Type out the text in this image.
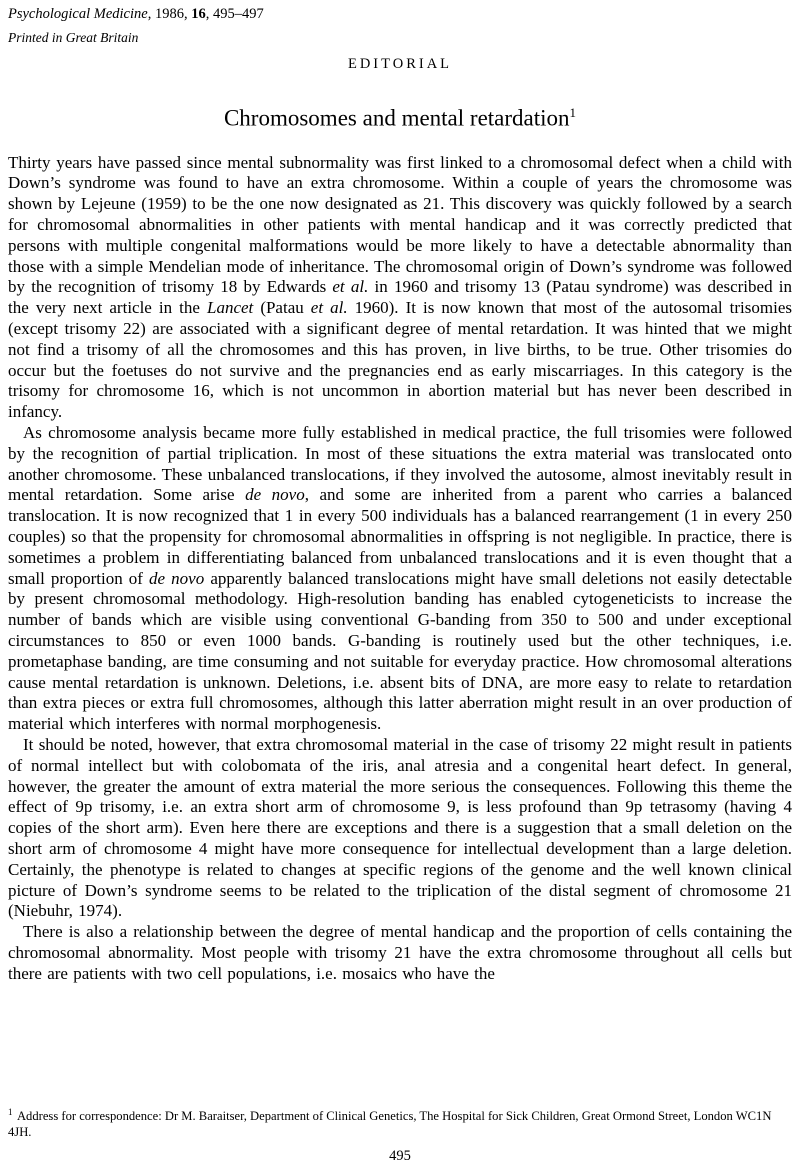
Psychological Medicine, 1986, 16, 495–497

Printed in Great Britain

EDITORIAL

Chromosomes and mental retardation$^1$

Thirty years have passed since mental subnormality was first linked to a chromosomal defect when a child with Down’s syndrome was found to have an extra chromosome. Within a couple of years the chromosome was shown by Lejeune (1959) to be the one now designated as 21. This discovery was quickly followed by a search for chromosomal abnormalities in other patients with mental handicap and it was correctly predicted that persons with multiple congenital malformations would be more likely to have a detectable abnormality than those with a simple Mendelian mode of inheritance. The chromosomal origin of Down’s syndrome was followed by the recognition of trisomy 18 by Edwards et al. in 1960 and trisomy 13 (Patau syndrome) was described in the very next article in the Lancet (Patau et al. 1960). It is now known that most of the autosomal trisomies (except trisomy 22) are associated with a significant degree of mental retardation. It was hinted that we might not find a trisomy of all the chromosomes and this has proven, in live births, to be true. Other trisomies do occur but the foetuses do not survive and the pregnancies end as early miscarriages. In this category is the trisomy for chromosome 16, which is not uncommon in abortion material but has never been described in infancy.

As chromosome analysis became more fully established in medical practice, the full trisomies were followed by the recognition of partial triplication. In most of these situations the extra material was translocated onto another chromosome. These unbalanced translocations, if they involved the autosome, almost inevitably result in mental retardation. Some arise de novo, and some are inherited from a parent who carries a balanced translocation. It is now recognized that 1 in every 500 individuals has a balanced rearrangement (1 in every 250 couples) so that the propensity for chromosomal abnormalities in offspring is not negligible. In practice, there is sometimes a problem in differentiating balanced from unbalanced translocations and it is even thought that a small proportion of de novo apparently balanced translocations might have small deletions not easily detectable by present chromosomal methodology. High-resolution banding has enabled cytogeneticists to increase the number of bands which are visible using conventional G-banding from 350 to 500 and under exceptional circumstances to 850 or even 1000 bands. G-banding is routinely used but the other techniques, i.e. prometaphase banding, are time consuming and not suitable for everyday practice. How chromosomal alterations cause mental retardation is unknown. Deletions, i.e. absent bits of DNA, are more easy to relate to retardation than extra pieces or extra full chromosomes, although this latter aberration might result in an over production of material which interferes with normal morphogenesis.

It should be noted, however, that extra chromosomal material in the case of trisomy 22 might result in patients of normal intellect but with colobomata of the iris, anal atresia and a congenital heart defect. In general, however, the greater the amount of extra material the more serious the consequences. Following this theme the effect of 9p trisomy, i.e. an extra short arm of chromosome 9, is less profound than 9p tetrasomy (having 4 copies of the short arm). Even here there are exceptions and there is a suggestion that a small deletion on the short arm of chromosome 4 might have more consequence for intellectual development than a large deletion. Certainly, the phenotype is related to changes at specific regions of the genome and the well known clinical picture of Down’s syndrome seems to be related to the triplication of the distal segment of chromosome 21 (Niebuhr, 1974).

There is also a relationship between the degree of mental handicap and the proportion of cells containing the chromosomal abnormality. Most people with trisomy 21 have the extra chromosome throughout all cells but there are patients with two cell populations, i.e. mosaics who have the

$^1$ Address for correspondence: Dr M. Baraitser, Department of Clinical Genetics, The Hospital for Sick Children, Great Ormond Street, London WC1N 4JH.

495
